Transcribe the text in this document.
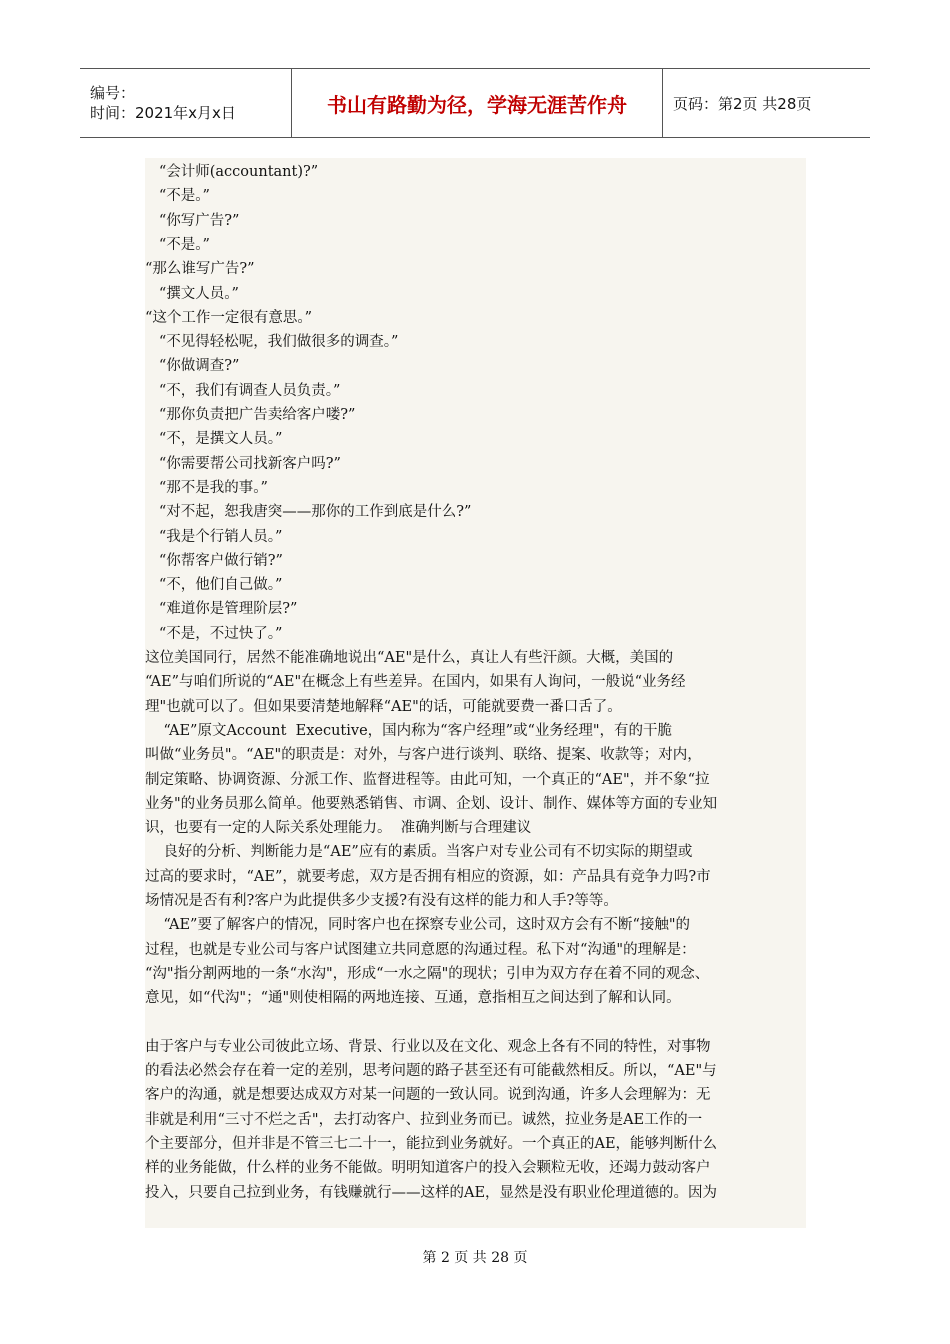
编号：
时间：2021年x月x日	书山有路勤为径，学海无涯苦作舟	页码：第2页 共28页
“会计师(accountant)?”
“不是。”
“你写广告?”
“不是。”
“那么谁写广告?”
“撰文人员。”
“这个工作一定很有意思。”
“不见得轻松呢，我们做很多的调查。”
“你做调查?”
“不，我们有调查人员负责。”
“那你负责把广告卖给客户喽?”
“不，是撰文人员。”
“你需要帮公司找新客户吗?”
“那不是我的事。”
“对不起，恕我唐突——那你的工作到底是什么?”
“我是个行销人员。”
“你帮客户做行销?”
“不，他们自己做。”
“难道你是管理阶层?”
“不是，不过快了。”
这位美国同行，居然不能准确地说出“AE"是什么，真让人有些汗颜。大概，美国的
“AE”与咱们所说的“AE"在概念上有些差异。在国内，如果有人询问，一般说“业务经
理"也就可以了。但如果要清楚地解释“AE"的话，可能就要费一番口舌了。
“AE”原文Account  Executive，国内称为“客户经理”或“业务经理"，有的干脆
叫做“业务员"。“AE"的职责是：对外，与客户进行谈判、联络、提案、收款等；对内，
制定策略、协调资源、分派工作、监督进程等。由此可知，一个真正的“AE"，并不象“拉
业务"的业务员那么简单。他要熟悉销售、市调、企划、设计、制作、媒体等方面的专业知
识，也要有一定的人际关系处理能力。  准确判断与合理建议
良好的分析、判断能力是“AE”应有的素质。当客户对专业公司有不切实际的期望或
过高的要求时，“AE”，就要考虑，双方是否拥有相应的资源，如：产品具有竞争力吗?市
场情况是否有利?客户为此提供多少支援?有没有这样的能力和人手?等等。
“AE”要了解客户的情况，同时客户也在探察专业公司，这时双方会有不断“接触"的
过程，也就是专业公司与客户试图建立共同意愿的沟通过程。私下对“沟通"的理解是：
“沟"指分割两地的一条“水沟"，形成“一水之隔"的现状；引申为双方存在着不同的观念、
意见，如“代沟"；“通"则使相隔的两地连接、互通，意指相互之间达到了解和认同。
由于客户与专业公司彼此立场、背景、行业以及在文化、观念上各有不同的特性，对事物
的看法必然会存在着一定的差别，思考问题的路子甚至还有可能截然相反。所以，“AE"与
客户的沟通，就是想要达成双方对某一问题的一致认同。说到沟通，许多人会理解为：无
非就是利用“三寸不烂之舌"，去打动客户、拉到业务而已。诚然，拉业务是AE工作的一
个主要部分，但并非是不管三七二十一，能拉到业务就好。一个真正的AE，能够判断什么
样的业务能做，什么样的业务不能做。明明知道客户的投入会颗粒无收，还竭力鼓动客户
投入，只要自己拉到业务，有钱赚就行——这样的AE，显然是没有职业伦理道德的。因为
第 2 页 共 28 页
